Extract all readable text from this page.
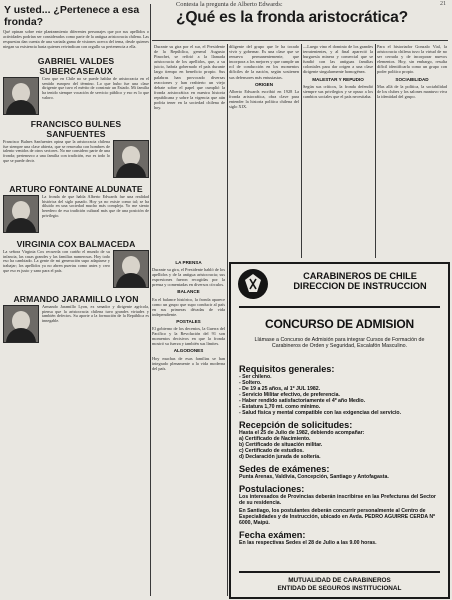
Y usted... ¿Pertenece a esa fronda?
Qué opinan sobre este planteamiento diferentes personajes que por sus apellidos o actividades podrían ser considerados como parte de la antigua aristocracia chilena. Las respuestas dan cuenta de una variada gama de visiones acerca del tema, desde quienes niegan su existencia hasta quienes reivindican con orgullo su pertenencia a ella.
GABRIEL VALDES SUBERCASEAUX
Creo que en Chile no se puede hablar de aristocracia en el sentido europeo del término. Lo que hubo fue una clase dirigente que tuvo el mérito de construir un Estado. Mi familia ha tenido siempre vocación de servicio público y eso es lo que valoro.
FRANCISCO BULNES SANFUENTES
Francisco Bulnes Sanfuentes opina que la aristocracia chilena fue siempre una clase abierta, que se renovaba con hombres de talento venidos de otros sectores. No me considero parte de una fronda; pertenezco a una familia con tradición, eso es todo lo que se puede decir.
ARTURO FONTAINE ALDUNATE
La fronda de que habla Alberto Edwards fue una realidad histórica del siglo pasado. Hoy ya no existe como tal; se ha diluido en una sociedad mucho más compleja. Yo me siento heredero de esa tradición cultural más que de una posición de privilegio.
VIRGINIA COX BALMACEDA
La señora Virginia Cox recuerda con cariño el mundo de su infancia, las casas grandes y las familias numerosas. Hoy todo eso ha cambiado. La gente de mi generación supo adaptarse y trabajar; los apellidos ya no abren puertas como antes y creo que eso es justo y sano para el país.
ARMANDO JARAMILLO LYON
Armando Jaramillo Lyon, ex senador y dirigente agrícola, piensa que la aristocracia chilena tuvo grandes virtudes y también defectos. Su aporte a la formación de la República es innegable.
Contesta la pregunta de Alberto Edwards:	21
¿Qué es la fronda aristocrática?
Durante su gira por el sur, el Presidente de la República, general Augusto Pinochet, se refirió a la llamada aristocracia de los apellidos, que, a su juicio, habría gobernado el país durante largo tiempo en beneficio propio. Sus palabras han provocado diversas reacciones y han reabierto un viejo debate sobre el papel que cumplió la fronda aristocrática en nuestra historia republicana y sobre la vigencia que aún podría tener en la sociedad chilena de hoy.
diligente del grupo que le ha tocado vivir y gobernar. Es una clase que se renueva permanentemente, que incorpora a los mejores y que cumple un rol de conducción en los momentos difíciles de la nación, según sostienen sus defensores más entusiastas.
ORIGEN
Alberto Edwards escribió en 1928 La fronda aristocrática, obra clave para entender la historia política chilena del siglo XIX.
—Luego vino el dominio de los grandes terratenientes, y al final apareció la burguesía minera y comercial que se fundió con las antiguas familias coloniales para dar origen a una clase dirigente singularmente homogénea.
MALESTAR Y REPUDIO
Según sus críticos, la fronda defendió siempre sus privilegios y se opuso a los cambios sociales que el país necesitaba.
Para el historiador Gonzalo Vial, la aristocracia chilena tuvo la virtud de no ser cerrada y de incorporar nuevos elementos. Hoy, sin embargo, resulta difícil identificarla como un grupo con poder político propio.
SOCIABILIDAD
Mas allá de la política, la sociabilidad de los clubes y los salones mantuvo viva la identidad del grupo.
LA PRENSA
Durante su gira, el Presidente habló de los apellidos y de la antigua aristocracia; sus expresiones fueron recogidas por la prensa y comentadas en diversos círculos.
BALANCE
En el balance histórico, la fronda aparece como un grupo que supo conducir al país en sus primeras décadas de vida independiente.
POSTALES
El gobierno de los decenios, la Guerra del Pacífico y la Revolución del 91 son momentos decisivos en que la fronda mostró su fuerza y también sus límites.
ALGODONES
Hoy muchas de esas familias se han integrado plenamente a la vida moderna del país.
CARABINEROS DE CHILE
DIRECCION DE INSTRUCCION
CONCURSO DE ADMISION
Llámase a Concurso de Admisión para integrar Cursos de Formación de Carabineros de Orden y Seguridad, Escalafón Masculino.
Requisitos generales:
- Ser chileno.
- Soltero.
- De 19 a 25 años, al 1º JUL 1982.
- Servicio Militar efectivo, de preferencia.
- Haber rendido satisfactoriamente el 4º año Medio.
- Estatura 1,70 mt. como mínimo.
- Salud física y mental compatible con las exigencias del servicio.
Recepción de solicitudes:
Hasta el 25 de Julio de 1982, debiendo acompañar:
a) Certificado de Nacimiento.
b) Certificado de situación militar.
c) Certificado de estudios.
d) Declaración jurada de soltería.
Sedes de exámenes:
Punta Arenas, Valdivia, Concepción, Santiago y Antofagasta.
Postulaciones:
Los interesados de Provincias deberán inscribirse en las Prefecturas del Sector de su residencia.
En Santiago, los postulantes deberán concurrir personalmente al Centro de Especialidades y de Instrucción, ubicado en Avda. PEDRO AGUIRRE CERDA Nº 6000, Maipú.
Fecha exámen:
En las respectivas Sedes el 28 de Julio a las 9.00 horas.
MUTUALIDAD DE CARABINEROS
ENTIDAD DE SEGUROS INSTITUCIONAL
